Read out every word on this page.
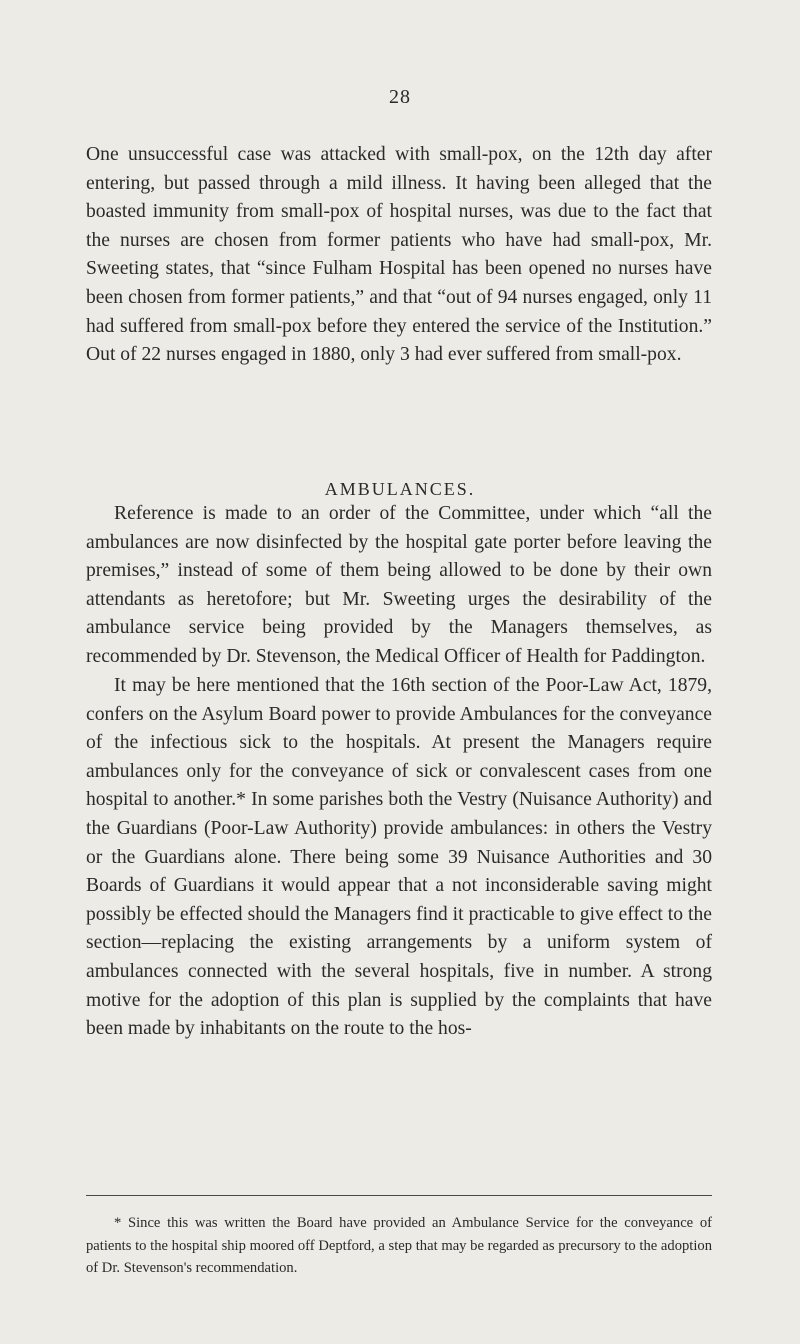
28

One unsuccessful case was attacked with small-pox, on the 12th day after entering, but passed through a mild illness. It having been alleged that the boasted immunity from small-pox of hospital nurses, was due to the fact that the nurses are chosen from former patients who have had small-pox, Mr. Sweeting states, that “since Fulham Hospital has been opened no nurses have been chosen from former patients,” and that “out of 94 nurses engaged, only 11 had suffered from small-pox before they entered the service of the Institution.” Out of 22 nurses engaged in 1880, only 3 had ever suffered from small-pox.

AMBULANCES.

Reference is made to an order of the Committee, under which “all the ambulances are now disinfected by the hospital gate porter before leaving the premises,” instead of some of them being allowed to be done by their own attendants as heretofore; but Mr. Sweeting urges the desirability of the ambulance service being provided by the Managers themselves, as recommended by Dr. Stevenson, the Medical Officer of Health for Paddington.

It may be here mentioned that the 16th section of the Poor-Law Act, 1879, confers on the Asylum Board power to provide Ambulances for the conveyance of the infectious sick to the hospitals. At present the Managers require ambulances only for the conveyance of sick or convalescent cases from one hospital to another.* In some parishes both the Vestry (Nuisance Authority) and the Guardians (Poor-Law Authority) provide ambulances: in others the Vestry or the Guardians alone. There being some 39 Nuisance Authorities and 30 Boards of Guardians it would appear that a not inconsiderable saving might possibly be effected should the Managers find it practicable to give effect to the section—replacing the existing arrangements by a uniform system of ambulances connected with the several hospitals, five in number. A strong motive for the adoption of this plan is supplied by the complaints that have been made by inhabitants on the route to the hos-

* Since this was written the Board have provided an Ambulance Service for the conveyance of patients to the hospital ship moored off Deptford, a step that may be regarded as precursory to the adoption of Dr. Stevenson's recommendation.
